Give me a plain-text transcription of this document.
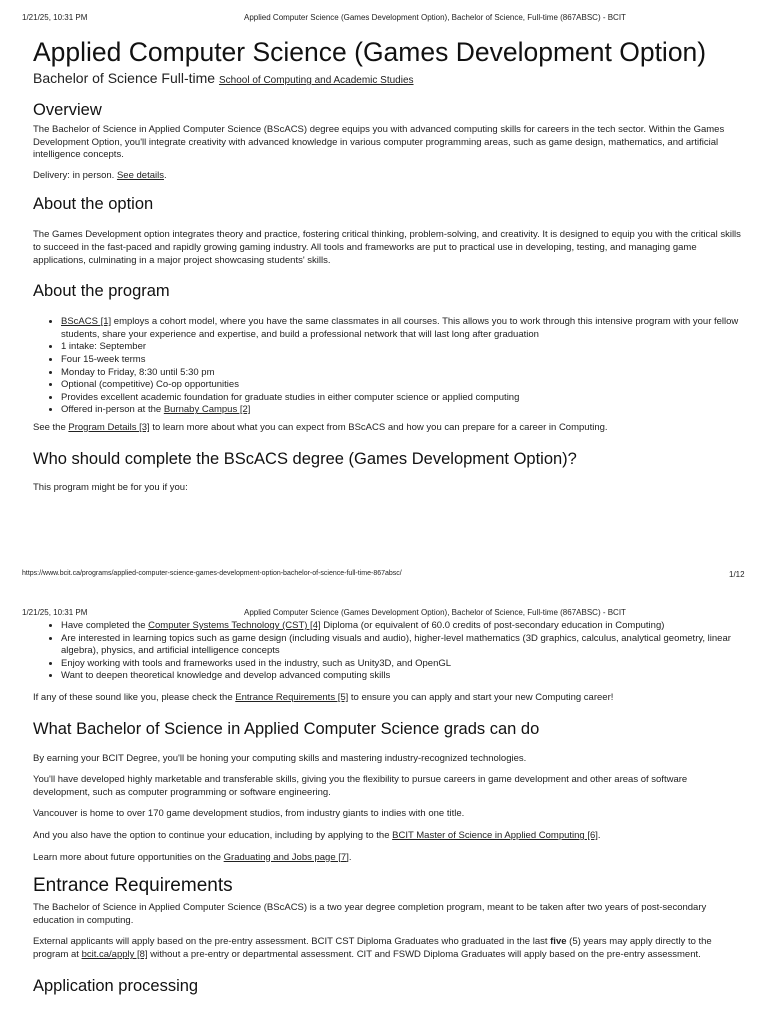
1/21/25, 10:31 PM	Applied Computer Science (Games Development Option), Bachelor of Science, Full-time (867ABSC) - BCIT
Applied Computer Science (Games Development Option)
Bachelor of Science Full-time School of Computing and Academic Studies
Overview

The Bachelor of Science in Applied Computer Science (BScACS) degree equips you with advanced computing skills for careers in the tech sector. Within the Games Development Option, you'll integrate creativity with advanced knowledge in various computer programming areas, such as game design, mathematics, and artificial intelligence concepts.

Delivery: in person. See details.

About the option

The Games Development option integrates theory and practice, fostering critical thinking, problem-solving, and creativity. It is designed to equip you with the critical skills to succeed in the fast-paced and rapidly growing gaming industry. All tools and frameworks are put to practical use in developing, testing, and managing game applications, culminating in a major project showcasing students' skills.

About the program
• BScACS [1] employs a cohort model, where you have the same classmates in all courses. This allows you to work through this intensive program with your fellow students, share your experience and expertise, and build a professional network that will last long after graduation
• 1 intake: September
• Four 15-week terms
• Monday to Friday, 8:30 until 5:30 pm
• Optional (competitive) Co-op opportunities
• Provides excellent academic foundation for graduate studies in either computer science or applied computing
• Offered in-person at the Burnaby Campus [2]

See the Program Details [3] to learn more about what you can expect from BScACS and how you can prepare for a career in Computing.

Who should complete the BScACS degree (Games Development Option)?

This program might be for you if you:

https://www.bcit.ca/programs/applied-computer-science-games-development-option-bachelor-of-science-full-time-867absc/	1/12
1/21/25, 10:31 PM	Applied Computer Science (Games Development Option), Bachelor of Science, Full-time (867ABSC) - BCIT
• Have completed the Computer Systems Technology (CST) [4] Diploma (or equivalent of 60.0 credits of post-secondary education in Computing)
• Are interested in learning topics such as game design (including visuals and audio), higher-level mathematics (3D graphics, calculus, analytical geometry, linear algebra), physics, and artificial intelligence concepts
• Enjoy working with tools and frameworks used in the industry, such as Unity3D, and OpenGL
• Want to deepen theoretical knowledge and develop advanced computing skills

If any of these sound like you, please check the Entrance Requirements [5] to ensure you can apply and start your new Computing career!

What Bachelor of Science in Applied Computer Science grads can do

By earning your BCIT Degree, you'll be honing your computing skills and mastering industry-recognized technologies.

You'll have developed highly marketable and transferable skills, giving you the flexibility to pursue careers in game development and other areas of software development, such as computer programming or software engineering.

Vancouver is home to over 170 game development studios, from industry giants to indies with one title.

And you also have the option to continue your education, including by applying to the BCIT Master of Science in Applied Computing [6].

Learn more about future opportunities on the Graduating and Jobs page [7].

Entrance Requirements

The Bachelor of Science in Applied Computer Science (BScACS) is a two year degree completion program, meant to be taken after two years of post-secondary education in computing.

External applicants will apply based on the pre-entry assessment. BCIT CST Diploma Graduates who graduated in the last five (5) years may apply directly to the program at bcit.ca/apply [8] without a pre-entry or departmental assessment. CIT and FSWD Diploma Graduates will apply based on the pre-entry assessment.

Application processing
